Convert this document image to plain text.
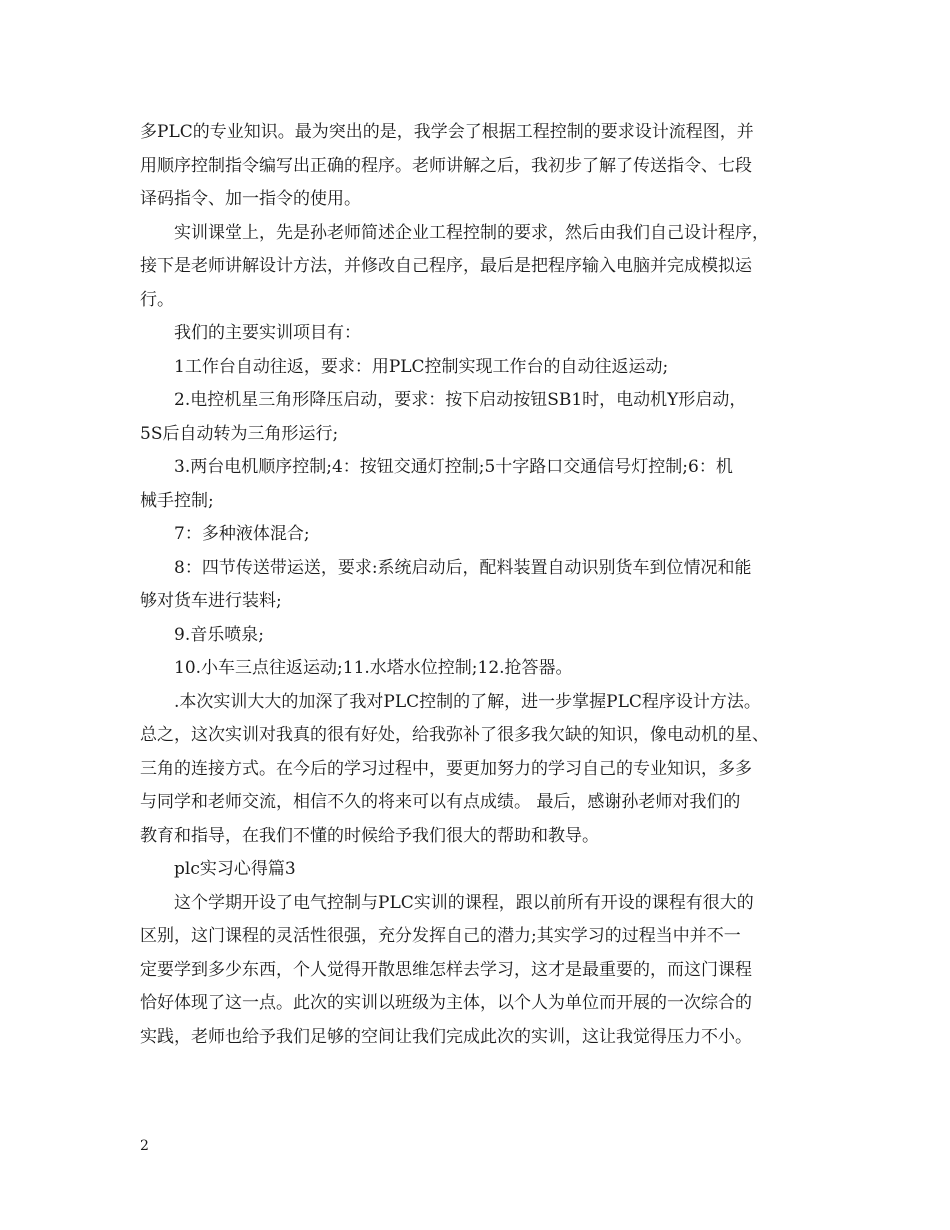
多PLC的专业知识。最为突出的是，我学会了根据工程控制的要求设计流程图，并
用顺序控制指令编写出正确的程序。老师讲解之后，我初步了解了传送指令、七段
译码指令、加一指令的使用。
实训课堂上，先是孙老师简述企业工程控制的要求，然后由我们自己设计程序，
接下是老师讲解设计方法，并修改自己程序，最后是把程序输入电脑并完成模拟运
行。
我们的主要实训项目有：
1工作台自动往返，要求：用PLC控制实现工作台的自动往返运动;
2.电控机星三角形降压启动，要求：按下启动按钮SB1时，电动机Y形启动，
5S后自动转为三角形运行;
3.两台电机顺序控制;4：按钮交通灯控制;5十字路口交通信号灯控制;6：机
械手控制;
7：多种液体混合;
8：四节传送带运送，要求:系统启动后，配料装置自动识别货车到位情况和能
够对货车进行装料;
9.音乐喷泉;
10.小车三点往返运动;11.水塔水位控制;12.抢答器。
.本次实训大大的加深了我对PLC控制的了解，进一步掌握PLC程序设计方法。
总之，这次实训对我真的很有好处，给我弥补了很多我欠缺的知识，像电动机的星、
三角的连接方式。在今后的学习过程中，要更加努力的学习自己的专业知识，多多
与同学和老师交流，相信不久的将来可以有点成绩。 最后，感谢孙老师对我们的
教育和指导，在我们不懂的时候给予我们很大的帮助和教导。
plc实习心得篇3
这个学期开设了电气控制与PLC实训的课程，跟以前所有开设的课程有很大的
区别，这门课程的灵活性很强，充分发挥自己的潜力;其实学习的过程当中并不一
定要学到多少东西，个人觉得开散思维怎样去学习，这才是最重要的，而这门课程
恰好体现了这一点。此次的实训以班级为主体，以个人为单位而开展的一次综合的
实践，老师也给予我们足够的空间让我们完成此次的实训，这让我觉得压力不小。
2
